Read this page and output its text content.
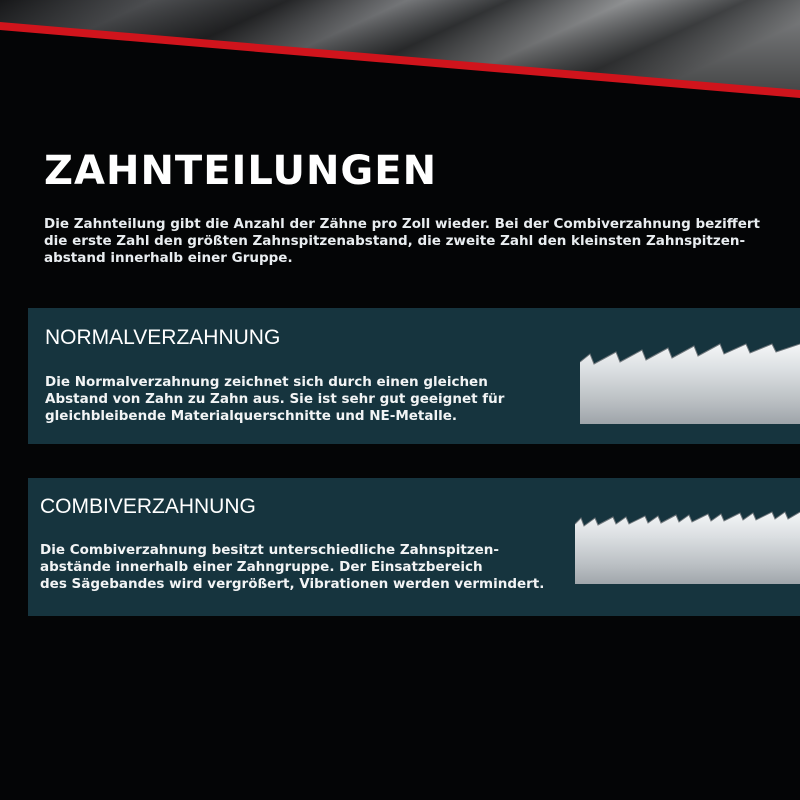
ZAHNTEILUNGEN

Die Zahnteilung gibt die Anzahl der Zähne pro Zoll wieder. Bei der Combiverzahnung beziffert
die erste Zahl den größten Zahnspitzenabstand, die zweite Zahl den kleinsten Zahnspitzen-
abstand innerhalb einer Gruppe.

NORMALVERZAHNUNG

Die Normalverzahnung zeichnet sich durch einen gleichen
Abstand von Zahn zu Zahn aus. Sie ist sehr gut geeignet für
gleichbleibende Materialquerschnitte und NE-Metalle.

COMBIVERZAHNUNG

Die Combiverzahnung besitzt unterschiedliche Zahnspitzen-
abstände innerhalb einer Zahngruppe. Der Einsatzbereich
des Sägebandes wird vergrößert, Vibrationen werden vermindert.
